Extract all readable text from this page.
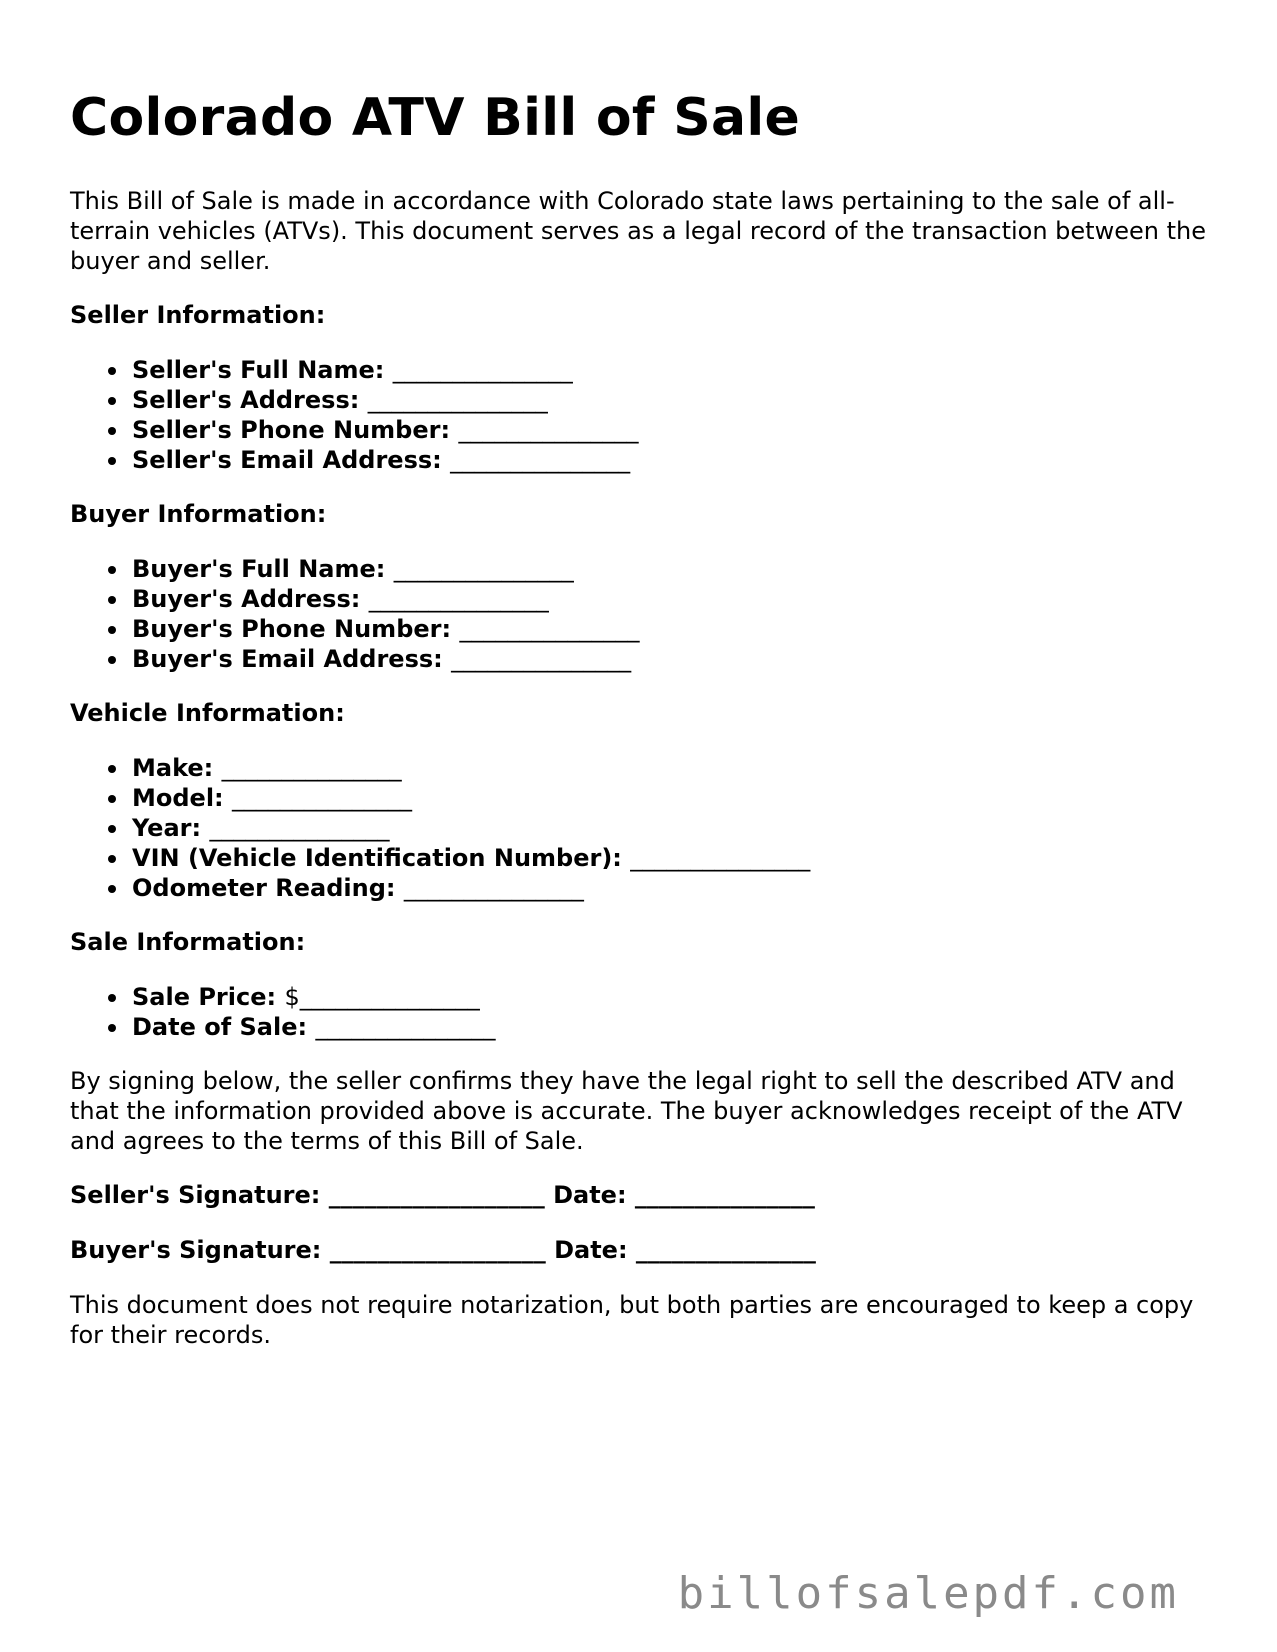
Colorado ATV Bill of Sale

This Bill of Sale is made in accordance with Colorado state laws pertaining to the sale of all-terrain vehicles (ATVs). This document serves as a legal record of the transaction between the buyer and seller.

Seller Information:
Seller's Full Name: _______________
Seller's Address: _______________
Seller's Phone Number: _______________
Seller's Email Address: _______________
Buyer Information:
Buyer's Full Name: _______________
Buyer's Address: _______________
Buyer's Phone Number: _______________
Buyer's Email Address: _______________
Vehicle Information:
Make: _______________
Model: _______________
Year: _______________
VIN (Vehicle Identification Number): _______________
Odometer Reading: _______________
Sale Information:
Sale Price: $_______________
Date of Sale: _______________

By signing below, the seller confirms they have the legal right to sell the described ATV and that the information provided above is accurate. The buyer acknowledges receipt of the ATV and agrees to the terms of this Bill of Sale.

Seller's Signature: __________________ Date: _______________
Buyer's Signature: __________________ Date: _______________

This document does not require notarization, but both parties are encouraged to keep a copy for their records.

billofsalepdf.com
